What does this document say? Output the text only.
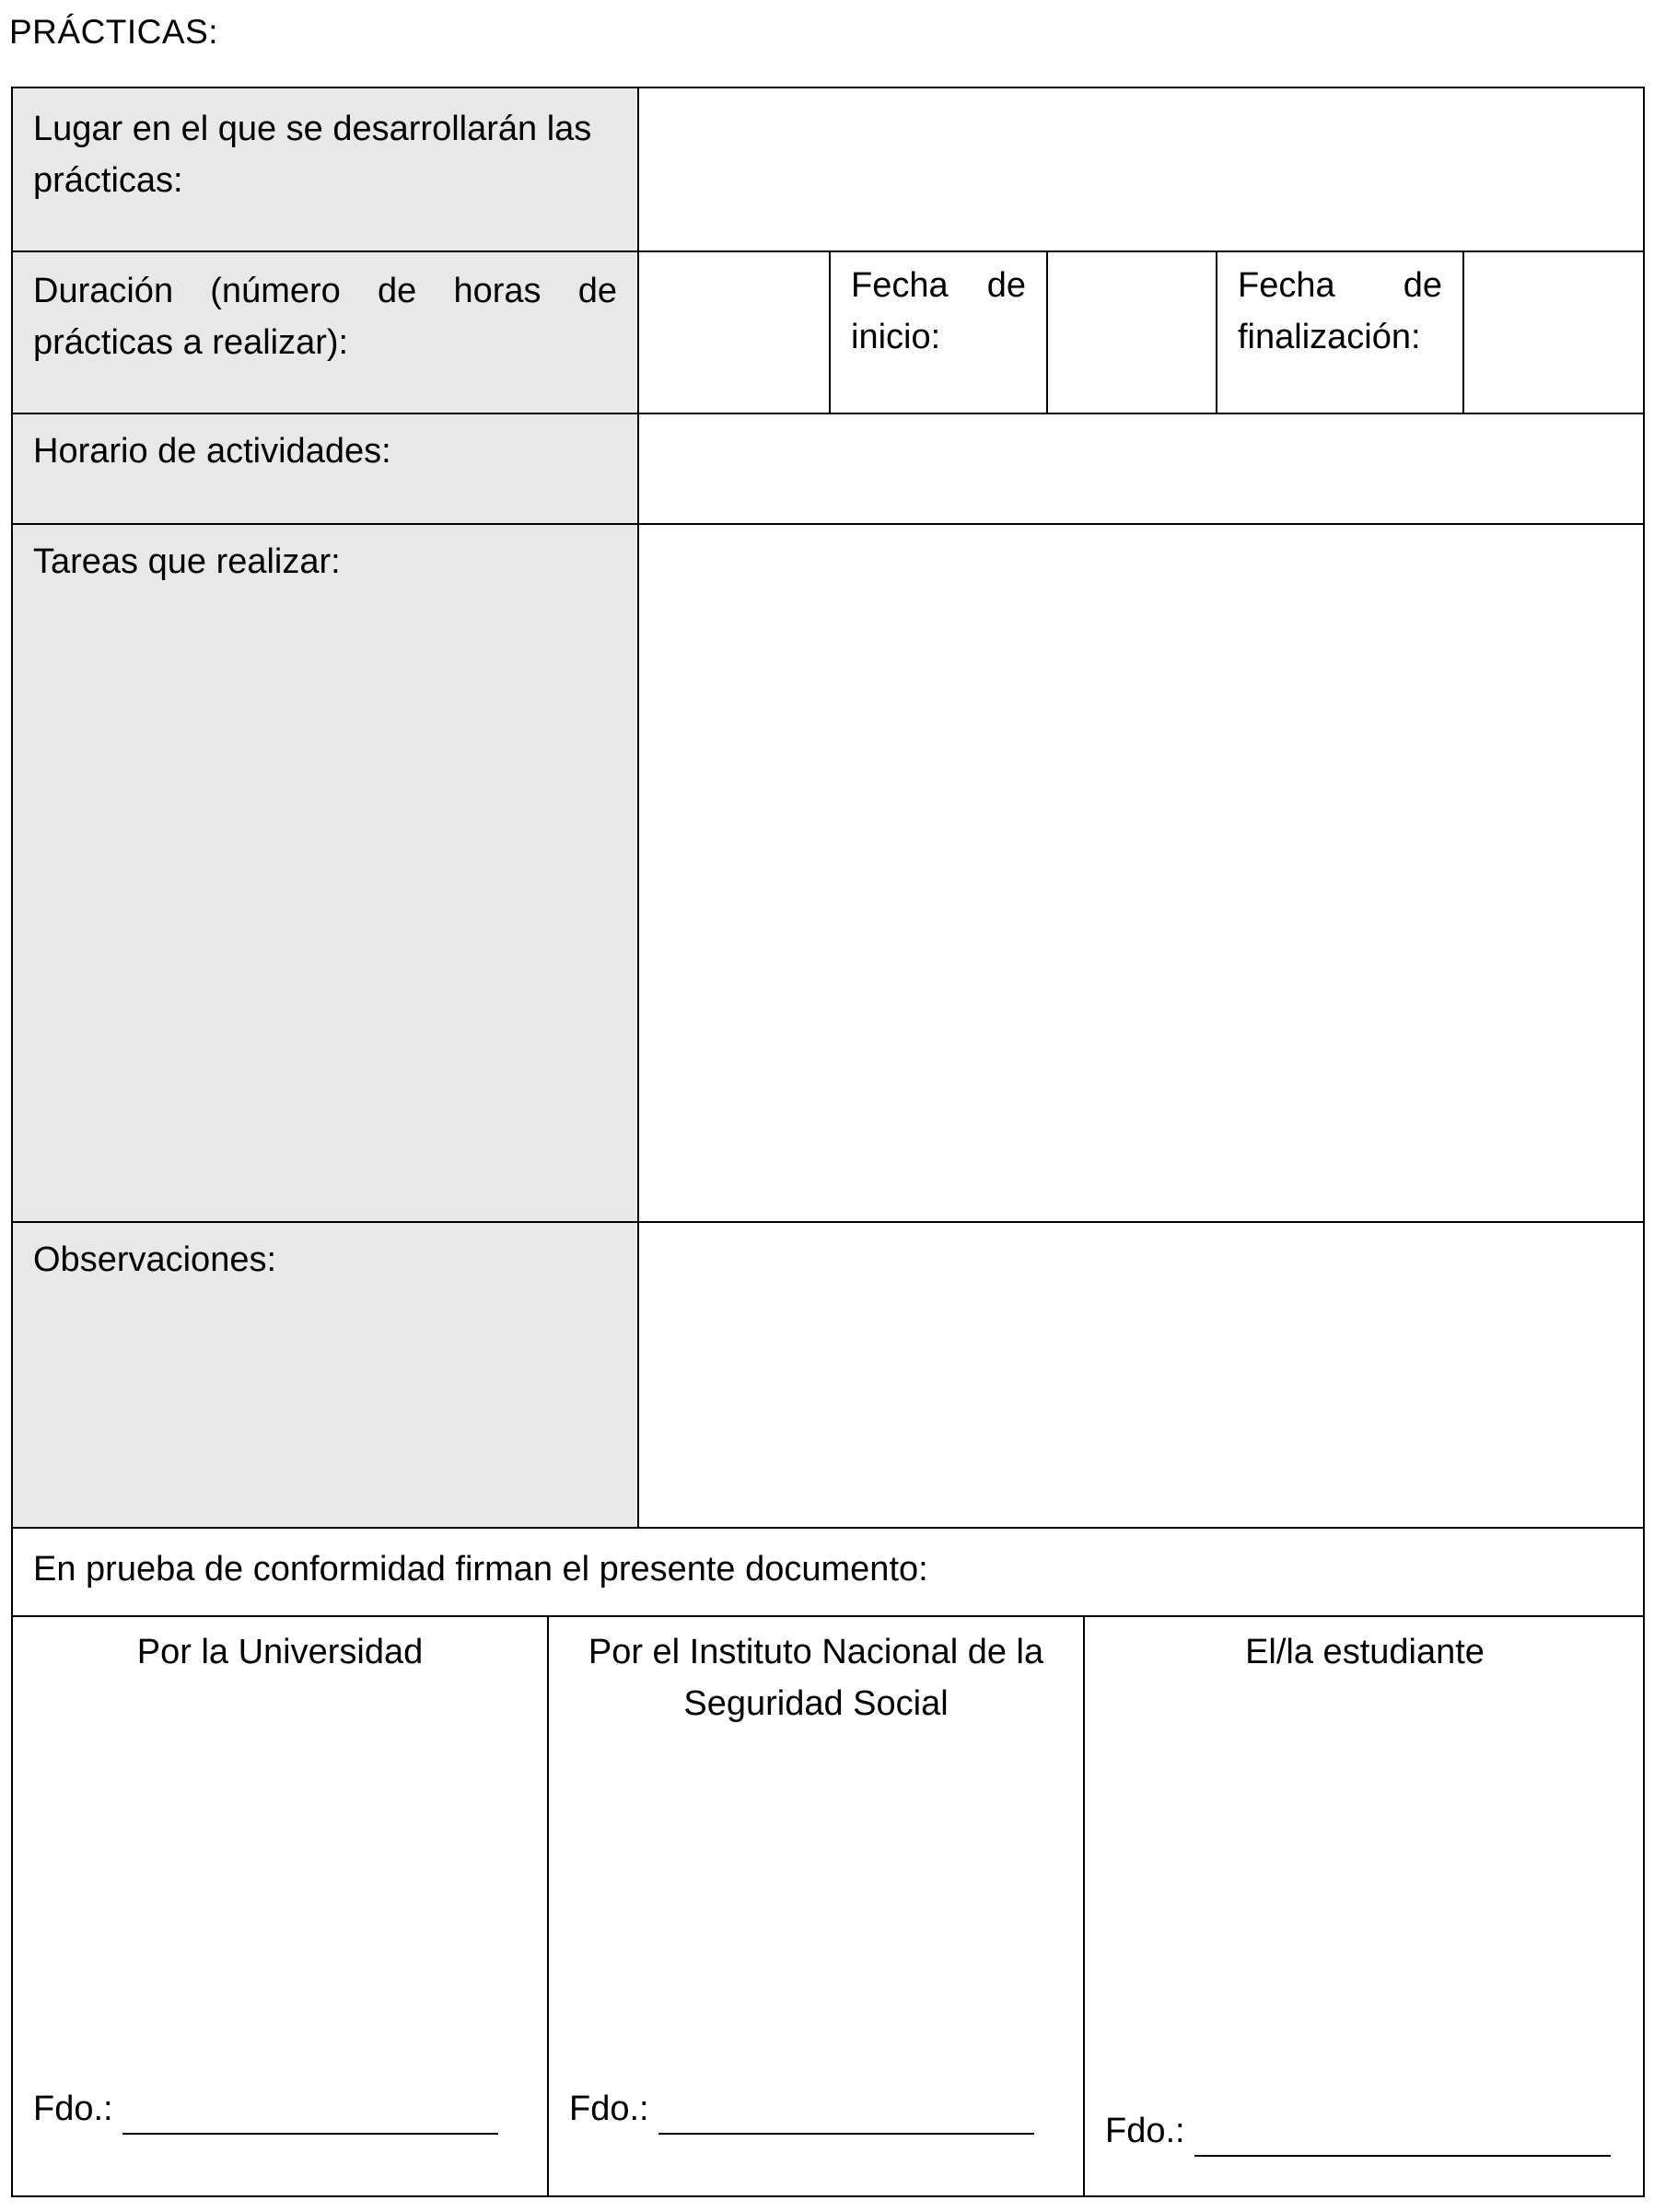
PRÁCTICAS:
Lugar en el que se desarrollarán las prácticas:
Duración (número de horas de prácticas a realizar):
Fecha de inicio:
Fecha de finalización:
Horario de actividades:
Tareas que realizar:
Observaciones:
En prueba de conformidad firman el presente documento:
Por la Universidad
Fdo.:
Por el Instituto Nacional de la Seguridad Social
Fdo.:
El/la estudiante
Fdo.:
